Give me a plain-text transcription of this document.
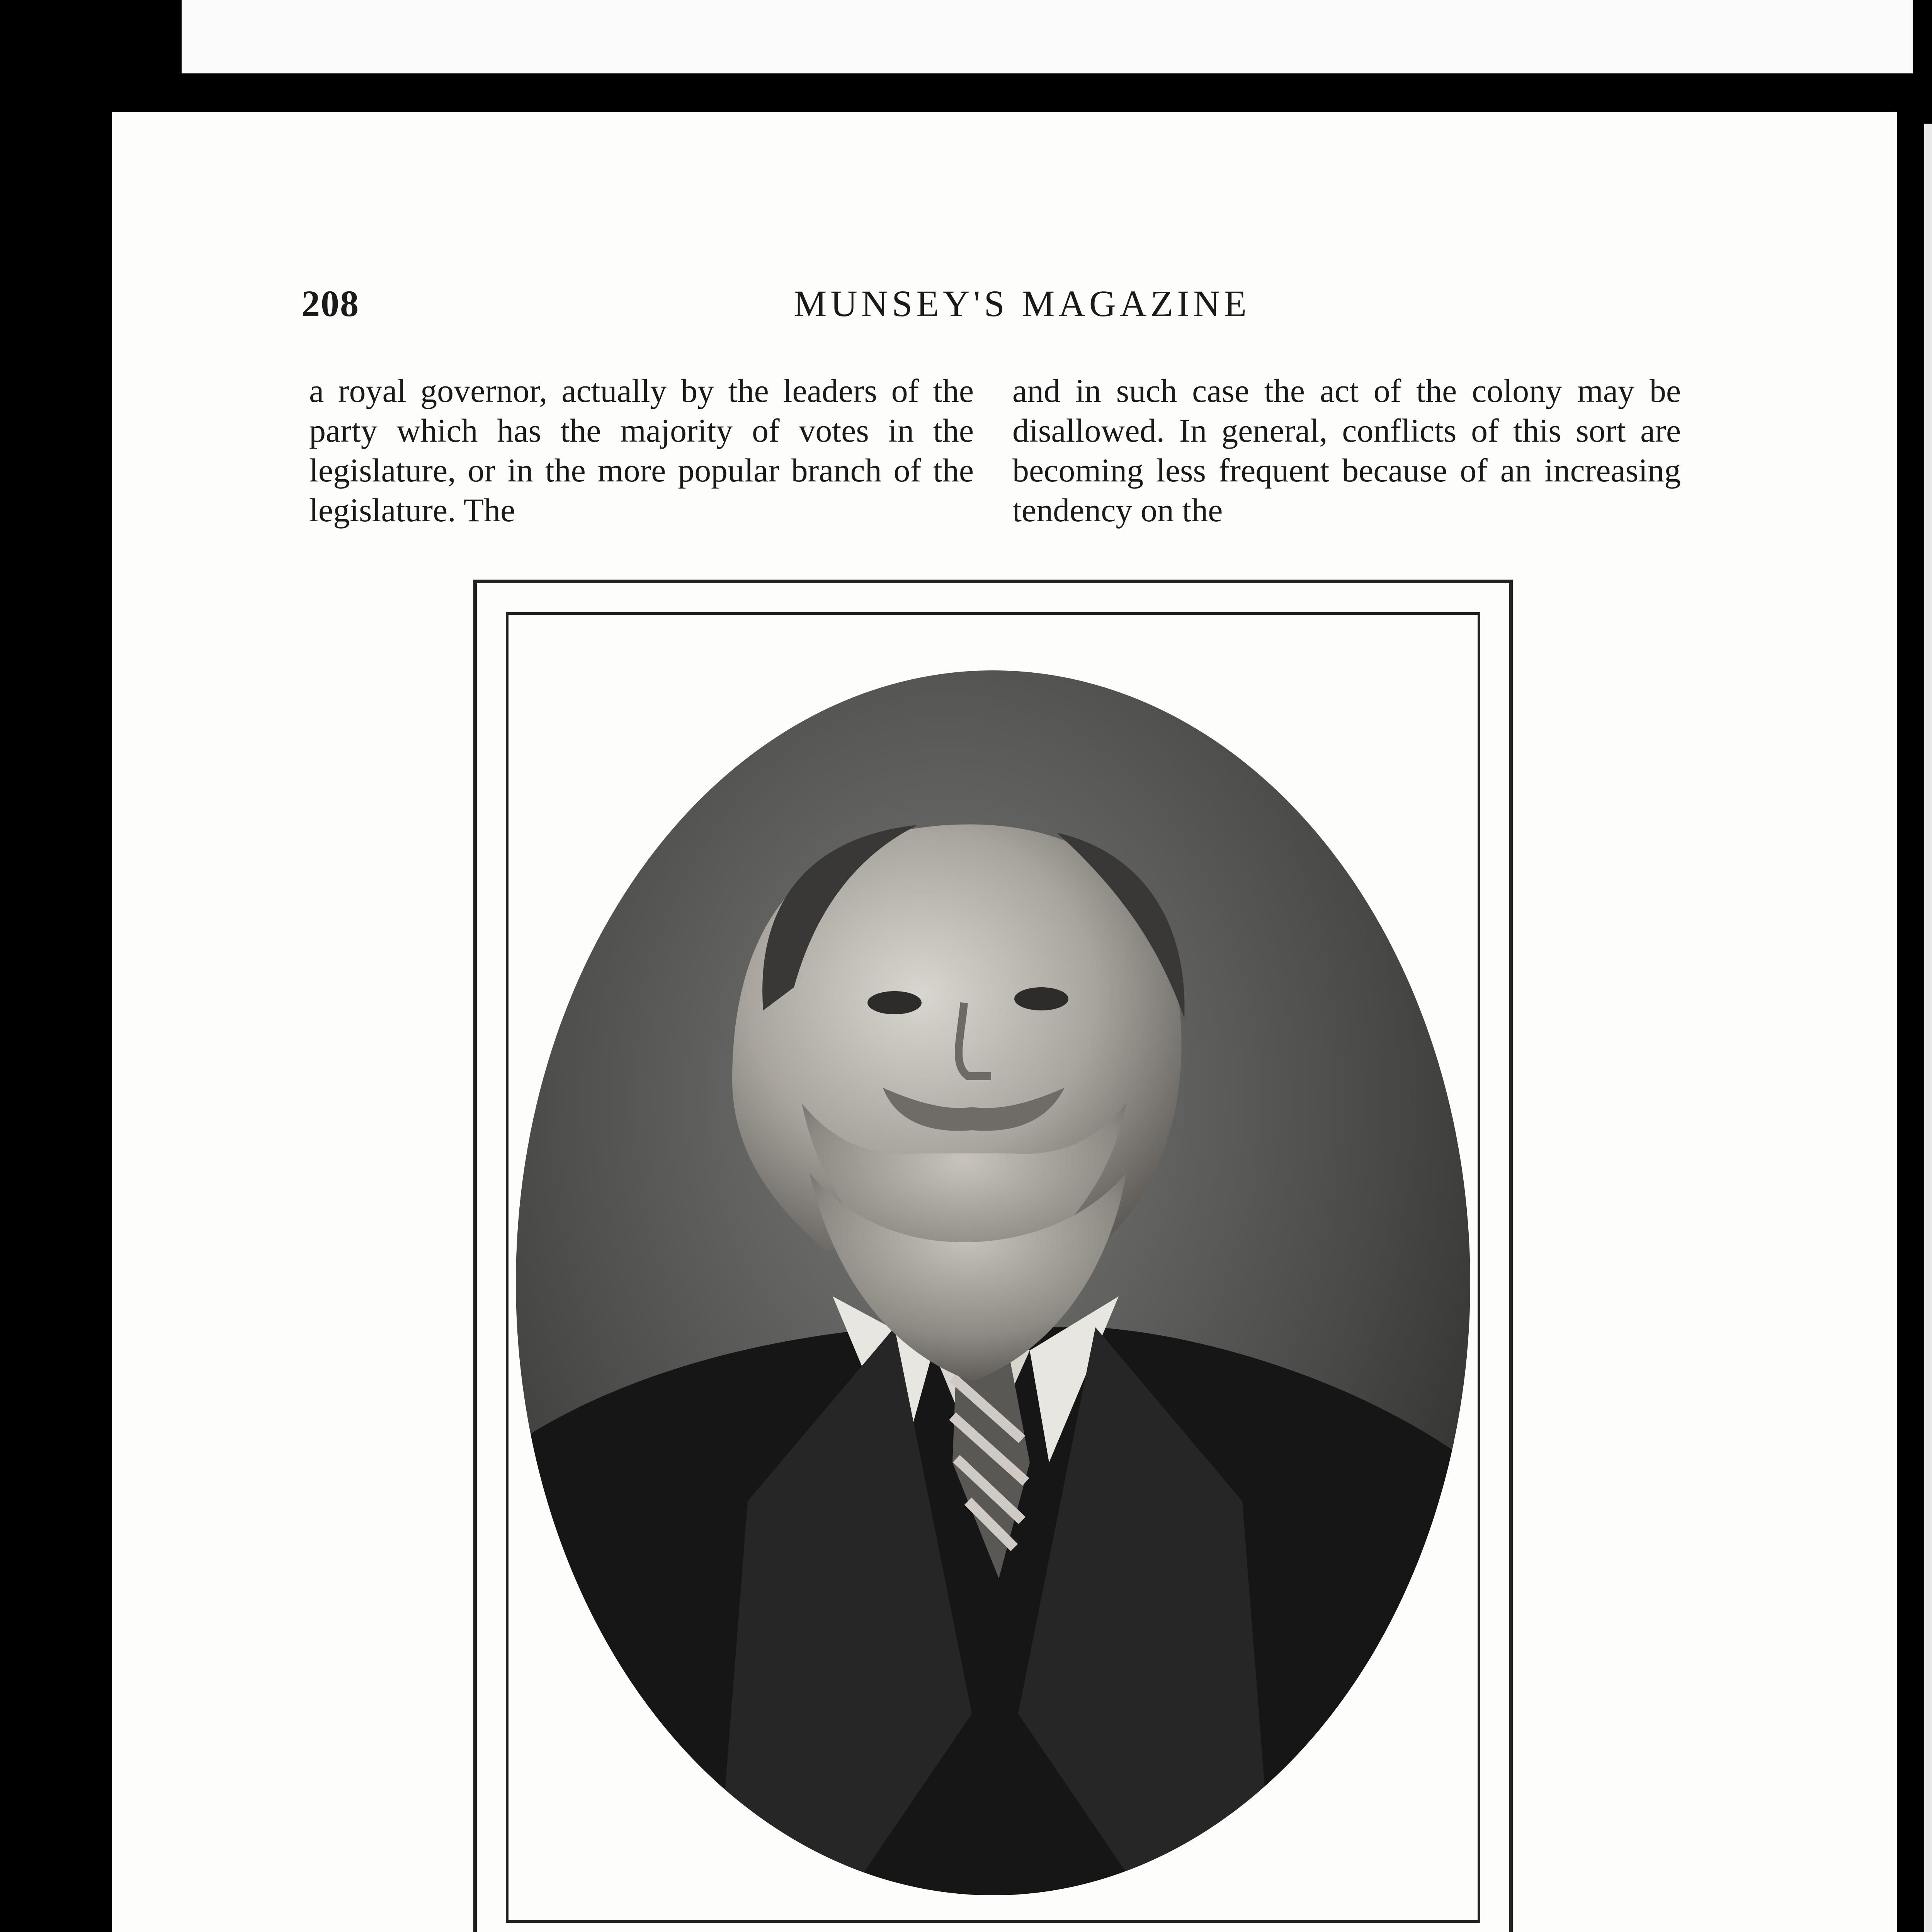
208	MUNSEY'S MAGAZINE

a royal governor, actually by the leaders of the party which has the majority of votes in the legislature, or in the more popular branch of the legislature. The

and in such case the act of the colony may be disallowed. In general, conflicts of this sort are becoming less frequent because of an increasing tendency on the
